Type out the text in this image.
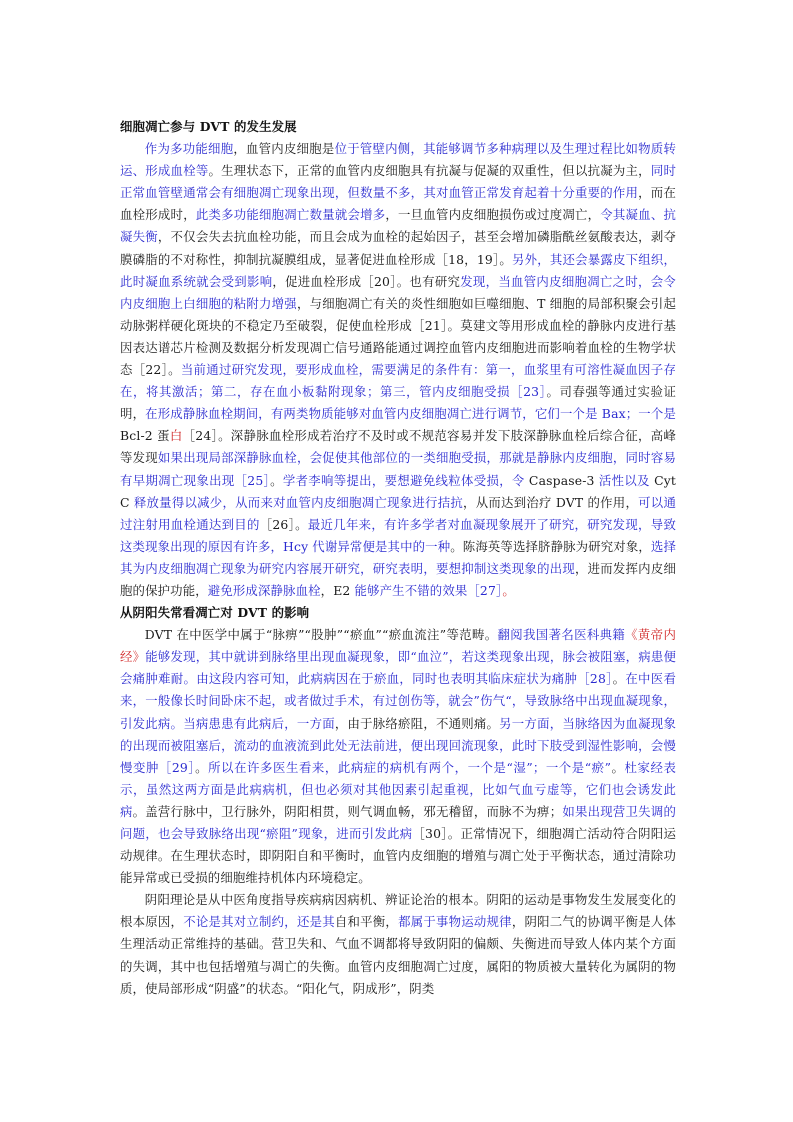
细胞凋亡参与 DVT 的发生发展

作为多功能细胞，血管内皮细胞是位于管壁内侧，其能够调节多种病理以及生理过程比如物质转运、形成血栓等。生理状态下，正常的血管内皮细胞具有抗凝与促凝的双重性，但以抗凝为主，同时正常血管壁通常会有细胞凋亡现象出现，但数量不多，其对血管正常发育起着十分重要的作用，而在血栓形成时，此类多功能细胞凋亡数量就会增多，一旦血管内皮细胞损伤或过度凋亡，令其凝血、抗凝失衡，不仅会失去抗血栓功能，而且会成为血栓的起始因子，甚至会增加磷脂酰丝氨酸表达，剥夺膜磷脂的不对称性，抑制抗凝膜组成，显著促进血栓形成［18，19］。另外，其还会暴露皮下组织，此时凝血系统就会受到影响，促进血栓形成［20］。也有研究发现，当血管内皮细胞凋亡之时，会令内皮细胞上白细胞的粘附力增强，与细胞凋亡有关的炎性细胞如巨噬细胞、T 细胞的局部积聚会引起动脉粥样硬化斑块的不稳定乃至破裂，促使血栓形成［21］。莫建文等用形成血栓的静脉内皮进行基因表达谱芯片检测及数据分析发现凋亡信号通路能通过调控血管内皮细胞进而影响着血栓的生物学状态［22］。当前通过研究发现，要形成血栓，需要满足的条件有：第一，血浆里有可溶性凝血因子存在，将其激活；第二，存在血小板黏附现象；第三，管内皮细胞受损［23］。司春强等通过实验证明，在形成静脉血栓期间，有两类物质能够对血管内皮细胞凋亡进行调节，它们一个是 Bax；一个是 Bcl-2 蛋白［24］。深静脉血栓形成若治疗不及时或不规范容易并发下肢深静脉血栓后综合征，高峰等发现如果出现局部深静脉血栓，会促使其他部位的一类细胞受损，那就是静脉内皮细胞，同时容易有早期凋亡现象出现［25］。学者李响等提出，要想避免线粒体受损，令 Caspase-3 活性以及 Cyt C 释放量得以减少，从而来对血管内皮细胞凋亡现象进行拮抗，从而达到治疗 DVT 的作用，可以通过注射用血栓通达到目的［26］。最近几年来，有许多学者对血凝现象展开了研究，研究发现，导致这类现象出现的原因有许多，Hcy 代谢异常便是其中的一种。陈海英等选择脐静脉为研究对象，选择其为内皮细胞凋亡现象为研究内容展开研究，研究表明，要想抑制这类现象的出现，进而发挥内皮细胞的保护功能，避免形成深静脉血栓，E2 能够产生不错的效果［27］。

从阴阳失常看凋亡对 DVT 的影响

DVT 在中医学中属于“脉痹”“股肿”“瘀血”“瘀血流注”等范畴。翻阅我国著名医科典籍《黄帝内经》能够发现，其中就讲到脉络里出现血凝现象，即“血泣”，若这类现象出现，脉会被阻塞，病患便会痛肿难耐。由这段内容可知，此病病因在于瘀血，同时也表明其临床症状为痛肿［28］。在中医看来，一般像长时间卧床不起，或者做过手术，有过创伤等，就会”伤气“，导致脉络中出现血凝现象，引发此病。当病患患有此病后，一方面，由于脉络瘀阻，不通则痛。另一方面，当脉络因为血凝现象的出现而被阻塞后，流动的血液流到此处无法前进，便出现回流现象，此时下肢受到湿性影响，会慢慢变肿［29］。所以在许多医生看来，此病症的病机有两个，一个是“湿”；一个是“瘀”。杜家经表示，虽然这两方面是此病病机，但也必须对其他因素引起重视，比如气血亏虚等，它们也会诱发此病。盖营行脉中，卫行脉外，阴阳相贯，则气调血畅，邪无稽留，而脉不为痹；如果出现营卫失调的问题，也会导致脉络出现“瘀阻”现象，进而引发此病［30］。正常情况下，细胞凋亡活动符合阴阳运动规律。在生理状态时，即阴阳自和平衡时，血管内皮细胞的增殖与凋亡处于平衡状态，通过清除功能异常或已受损的细胞维持机体内环境稳定。

阴阳理论是从中医角度指导疾病病因病机、辨证论治的根本。阴阳的运动是事物发生发展变化的根本原因，不论是其对立制约，还是其自和平衡，都属于事物运动规律，阴阳二气的协调平衡是人体生理活动正常维持的基础。营卫失和、气血不调都将导致阴阳的偏颇、失衡进而导致人体内某个方面的失调，其中也包括增殖与凋亡的失衡。血管内皮细胞凋亡过度，属阳的物质被大量转化为属阴的物质，使局部形成“阴盛”的状态。“阳化气，阴成形”，阴类
